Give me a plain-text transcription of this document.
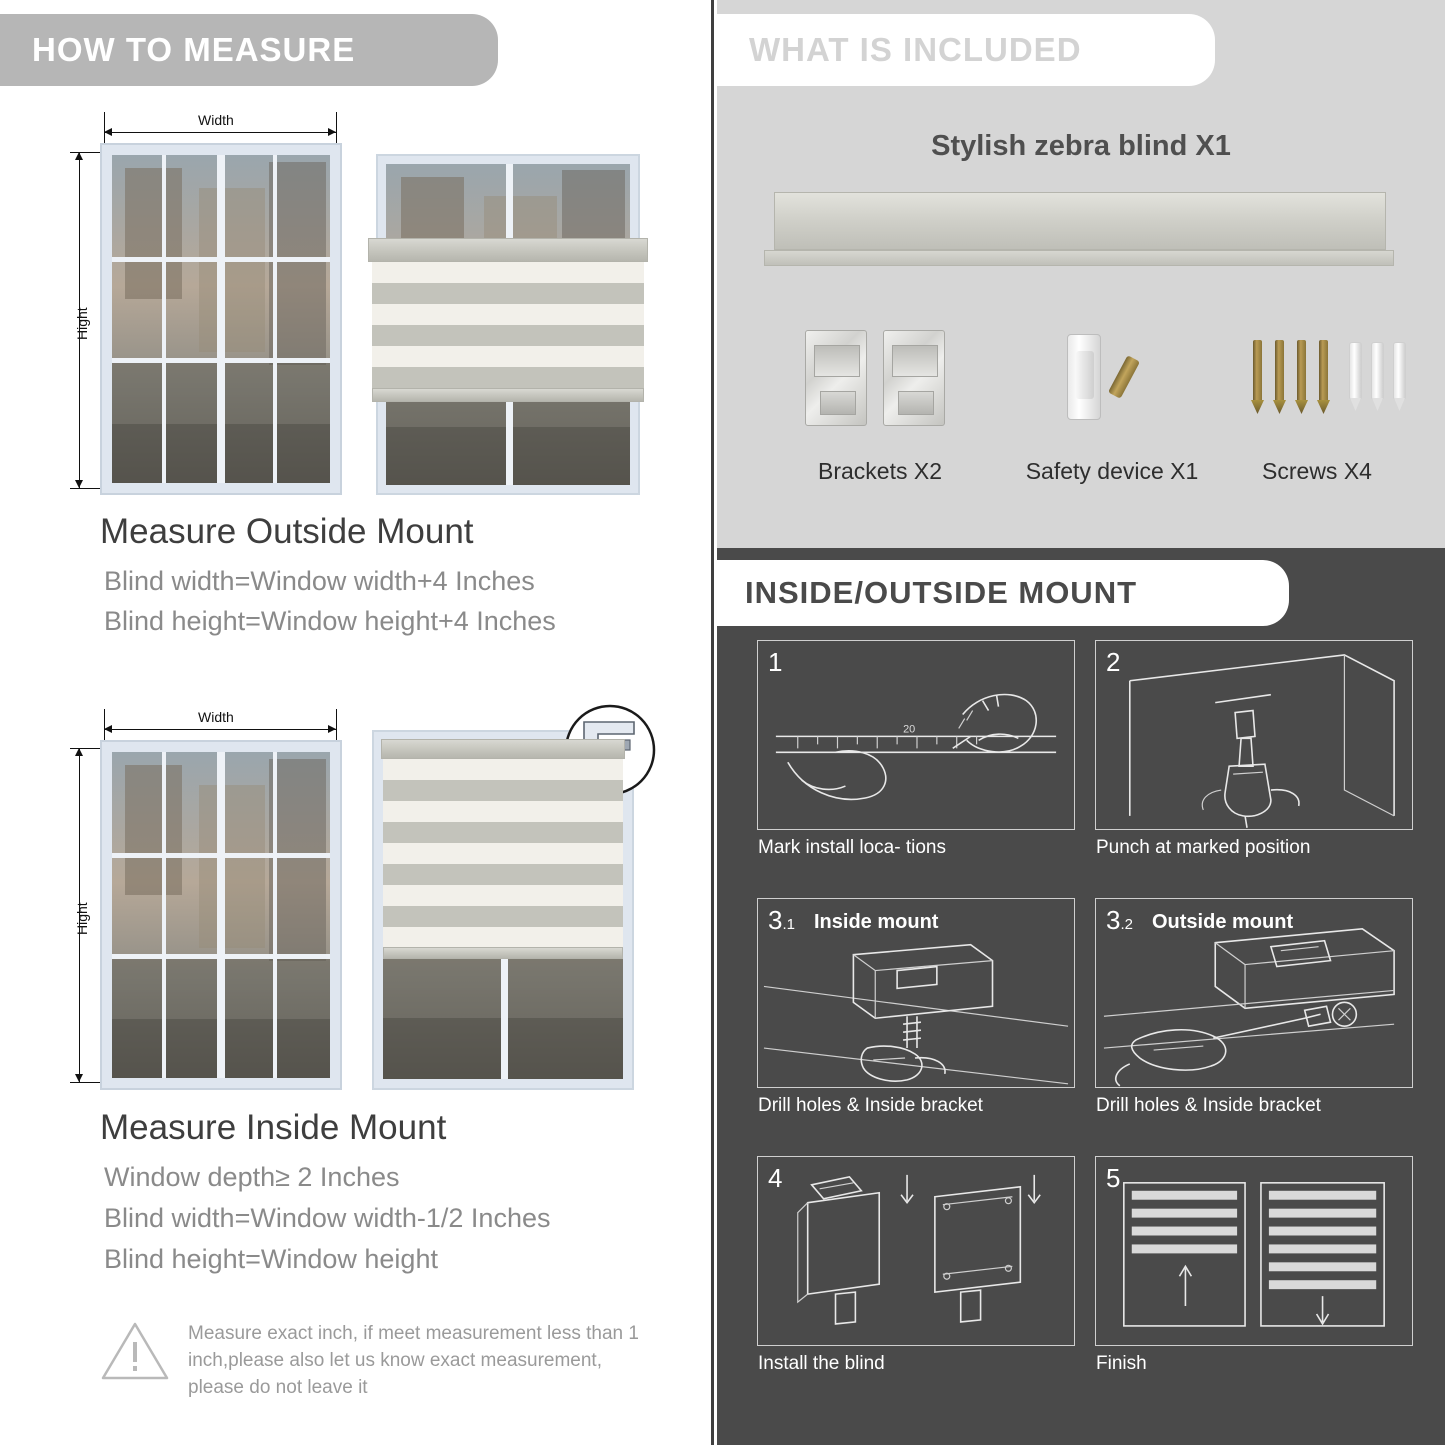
HOW TO MEASURE
Width
Hight
Measure Outside Mount
Blind width=Window width+4 Inches
Blind height=Window height+4 Inches
Width
Hight
Measure Inside Mount
Window depth≥ 2 Inches
Blind width=Window width-1/2 Inches
Blind height=Window height
Measure exact inch, if meet measurement less than 1 inch,please also let us know exact measurement, please do not leave it
WHAT IS INCLUDED
Stylish zebra blind X1
Brackets X2	Safety device X1	Screws X4
INSIDE/OUTSIDE MOUNT
1
20
Mark install loca- tions
2
Punch at marked position
3.1 Inside mount
Drill holes & Inside bracket
3.2 Outside mount
Drill holes & Inside bracket
4
Install the blind
5
Finish
